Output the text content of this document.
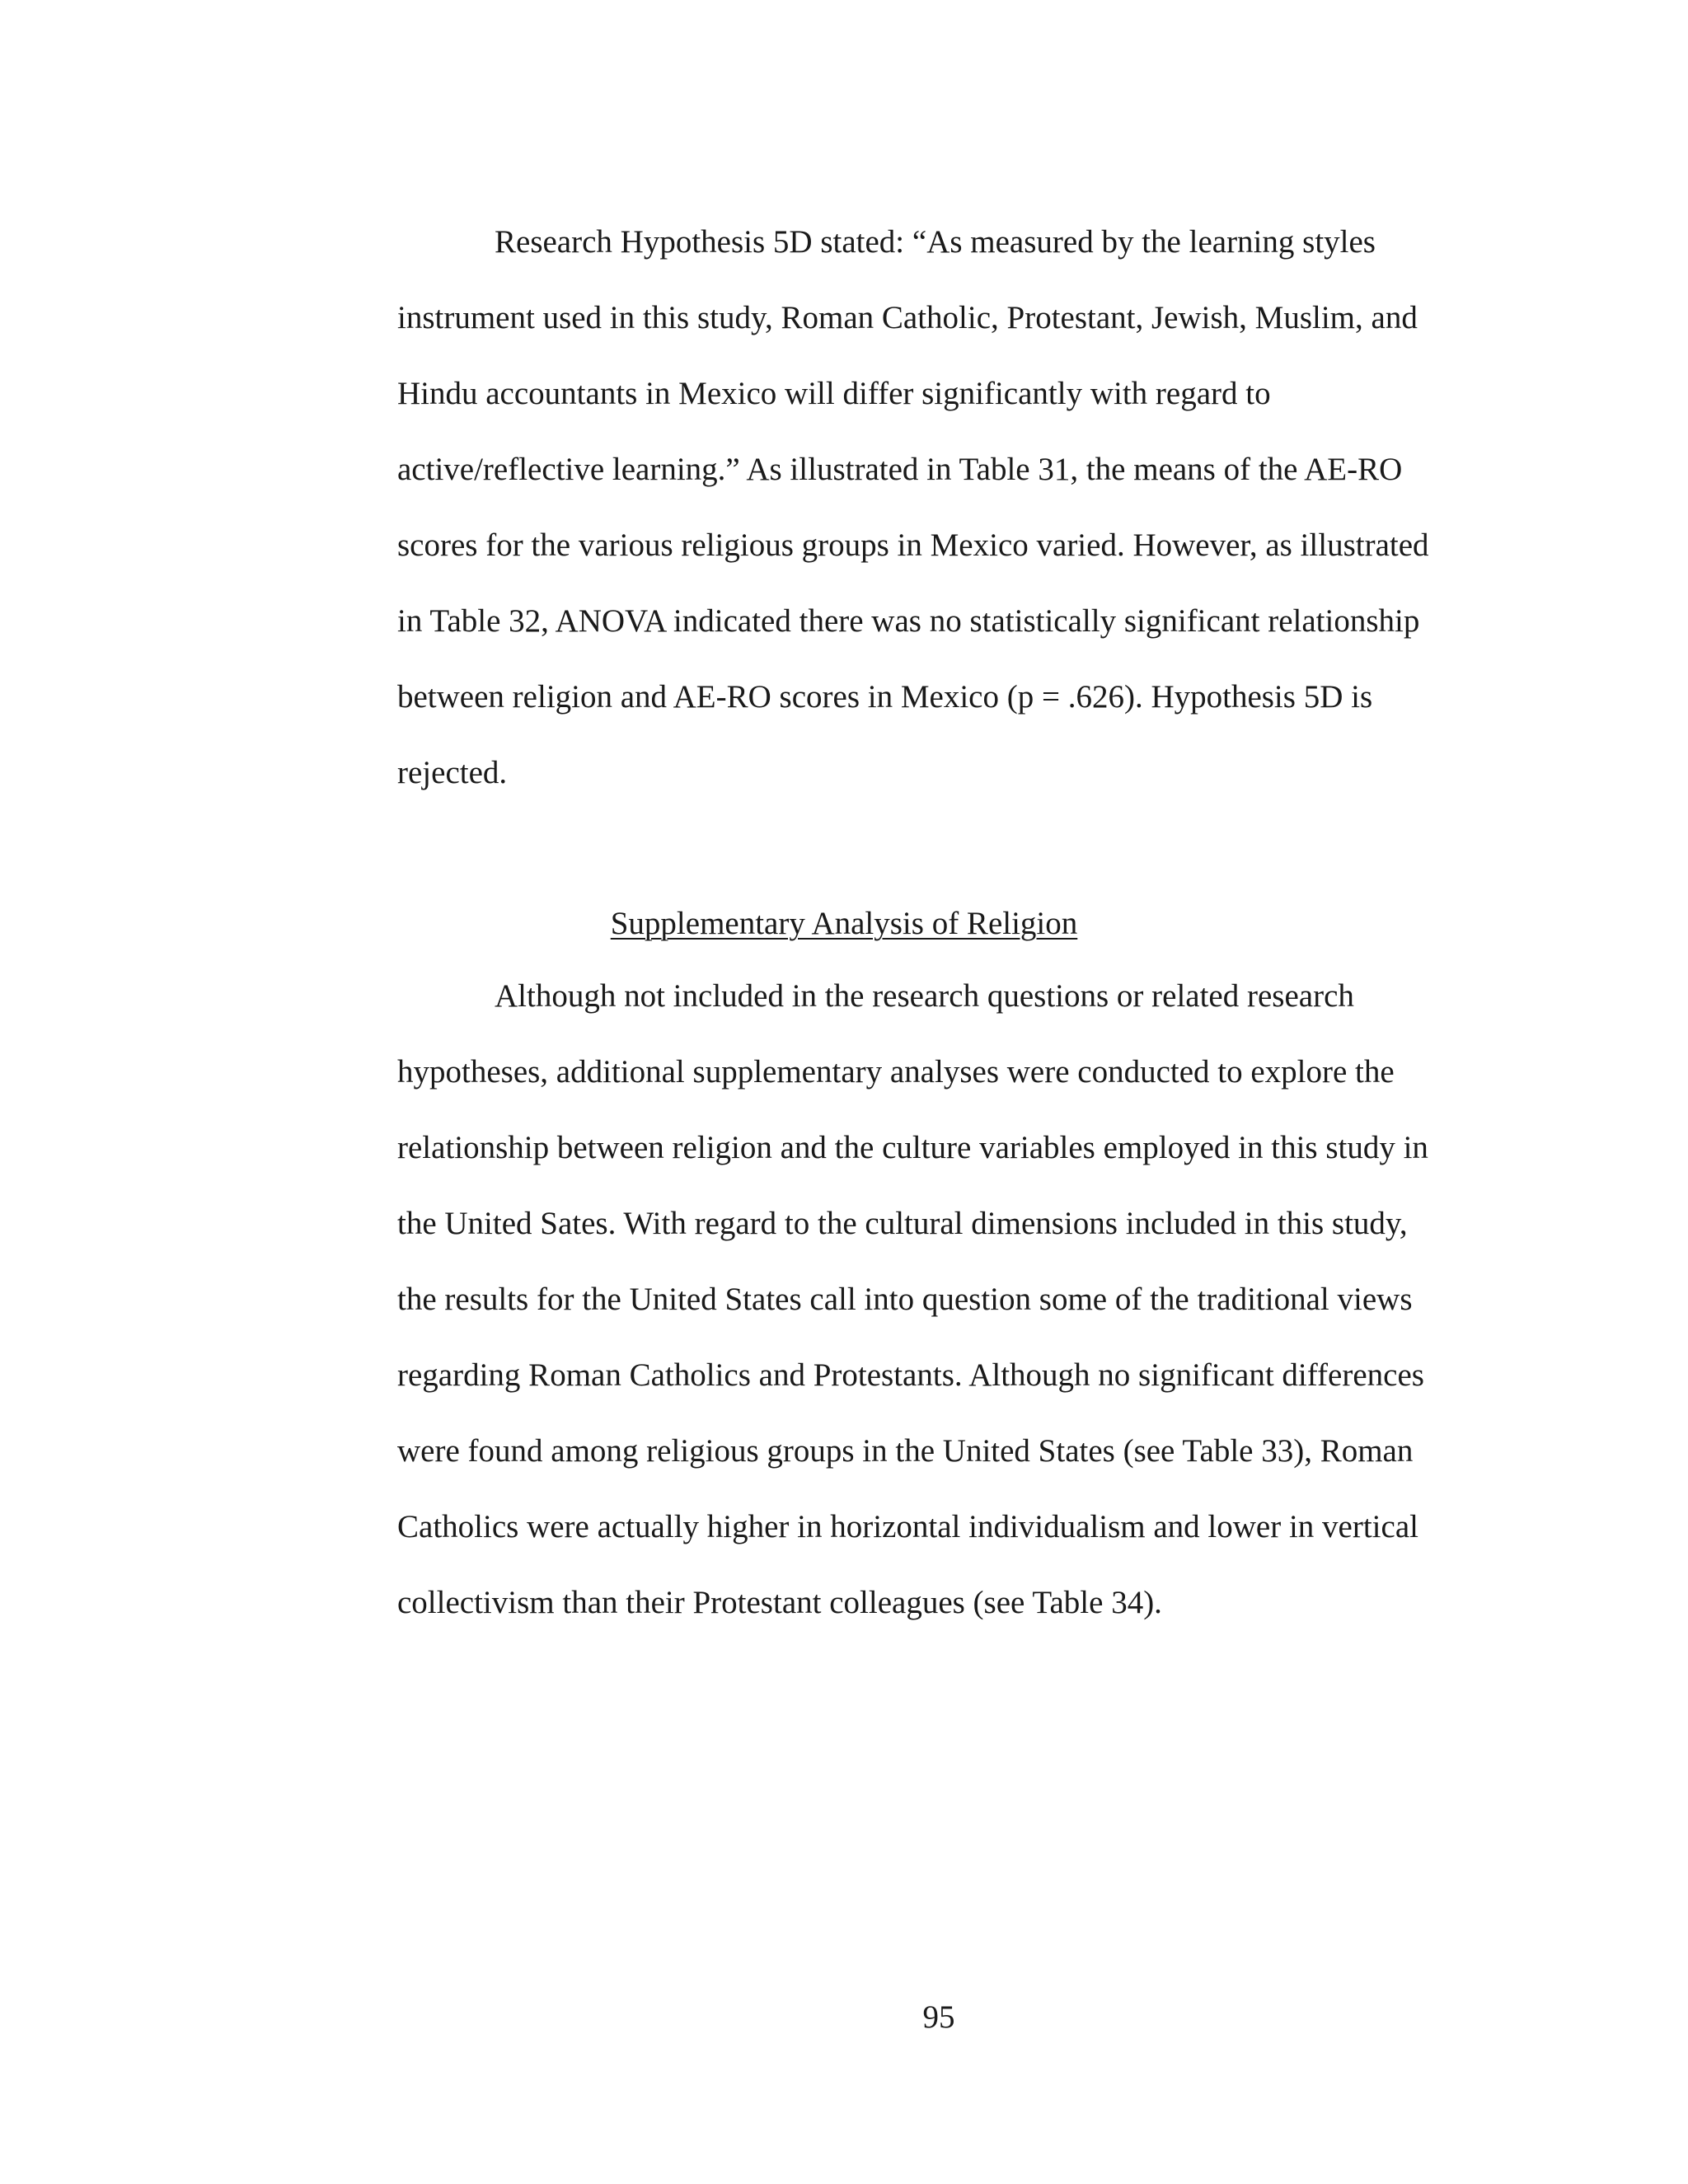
Research Hypothesis 5D stated: “As measured by the learning styles
instrument used in this study, Roman Catholic, Protestant, Jewish, Muslim, and
Hindu accountants in Mexico will differ significantly with regard to
active/reflective learning.” As illustrated in Table 31, the means of the AE-RO
scores for the various religious groups in Mexico varied. However, as illustrated
in Table 32, ANOVA indicated there was no statistically significant relationship
between religion and AE-RO scores in Mexico (p = .626). Hypothesis 5D is
rejected.

Supplementary Analysis of Religion

Although not included in the research questions or related research
hypotheses, additional supplementary analyses were conducted to explore the
relationship between religion and the culture variables employed in this study in
the United Sates. With regard to the cultural dimensions included in this study,
the results for the United States call into question some of the traditional views
regarding Roman Catholics and Protestants. Although no significant differences
were found among religious groups in the United States (see Table 33), Roman
Catholics were actually higher in horizontal individualism and lower in vertical
collectivism than their Protestant colleagues (see Table 34).

95
